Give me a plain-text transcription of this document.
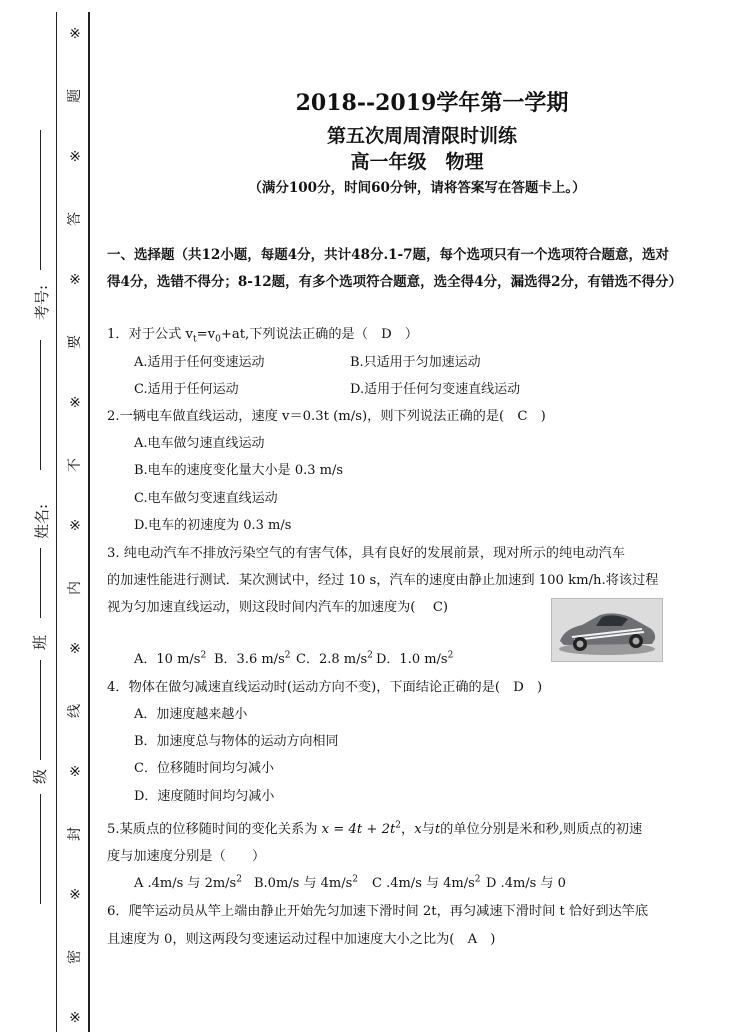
※
题
※
答
※
要
※
不
※
内
※
线
※
封
※
密
※
考号:
姓名:
班
级
2018--2019学年第一学期
第五次周周清限时训练
高一年级　物理
（满分100分，时间60分钟，请将答案写在答题卡上。）
一、选择题（共12小题，每题4分，共计48分.1-7题，每个选项只有一个选项符合题意，选对得4分，选错不得分；8-12题，有多个选项符合题意，选全得4分，漏选得2分，有错选不得分）
1．对于公式 $v_t=v_0+at$,下列说法正确的是（　D　）
A.适用于任何变速运动	B.只适用于匀加速运动
C.适用于任何运动	D.适用于任何匀变速直线运动
2.一辆电车做直线运动，速度 v＝0.3t (m/s)，则下列说法正确的是(　C　)
A.电车做匀速直线运动
B.电车的速度变化量大小是 0.3 m/s
C.电车做匀变速直线运动
D.电车的初速度为 0.3 m/s
3. 纯电动汽车不排放污染空气的有害气体，具有良好的发展前景，现对所示的纯电动汽车
的加速性能进行测试．某次测试中，经过 10 s，汽车的速度由静止加速到 100 km/h.将该过程
视为匀加速直线运动，则这段时间内汽车的加速度为(　 C)
A．10 $m/s^2$ B．3.6 $m/s^2$ C．2.8 $m/s^2$ D．1.0 $m/s^2$
4．物体在做匀减速直线运动时(运动方向不变)，下面结论正确的是(　D　)
A．加速度越来越小
B．加速度总与物体的运动方向相同
C．位移随时间均匀减小
D．速度随时间均匀减小
5.某质点的位移随时间的变化关系为 $x = 4t + 2t^2$，x与t的单位分别是米和秒,则质点的初速
度与加速度分别是（　　）
A .4m/s 与 $2m/s^2$ B.0m/s 与 $4m/s^2$ C .4m/s 与 $4m/s^2$ D .4m/s 与 0
6．爬竿运动员从竿上端由静止开始先匀加速下滑时间 2t，再匀减速下滑时间 t 恰好到达竿底
且速度为 0，则这两段匀变速运动过程中加速度大小之比为(　A　)
